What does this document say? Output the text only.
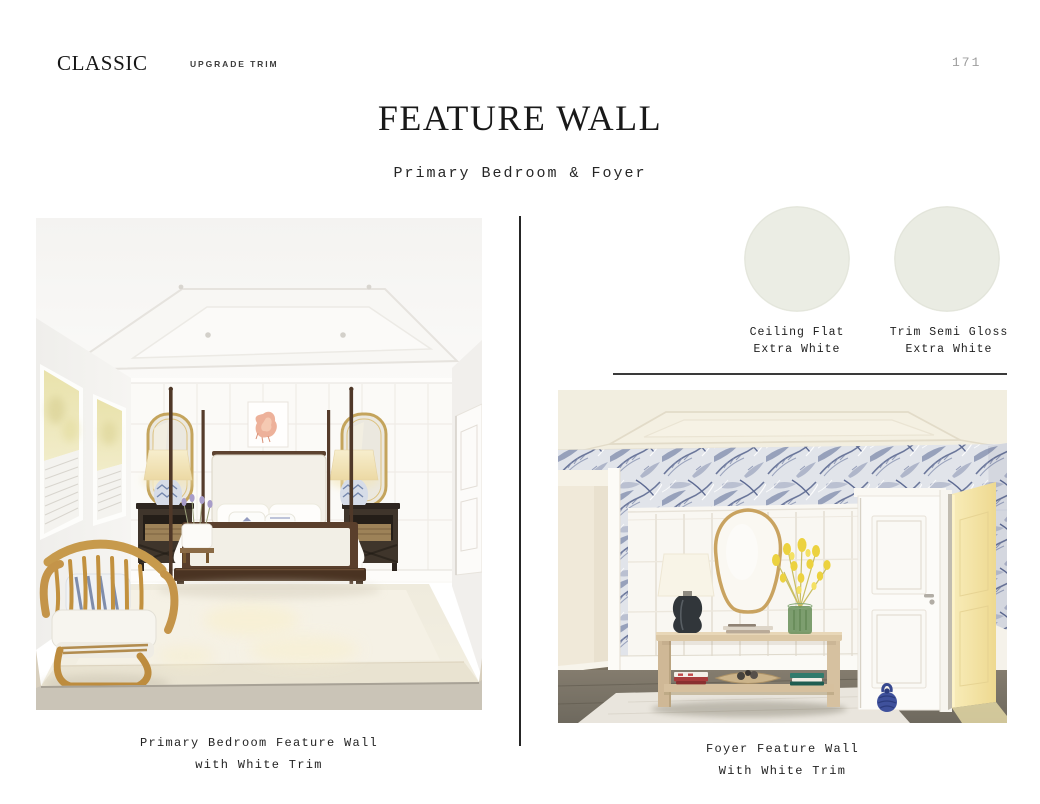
CLASSIC	UPGRADE TRIM	171
FEATURE WALL
Primary Bedroom & Foyer
Ceiling Flat
Extra White
Trim Semi Gloss
Extra White
Primary Bedroom Feature Wall
with White Trim
Foyer Feature Wall
With White Trim
